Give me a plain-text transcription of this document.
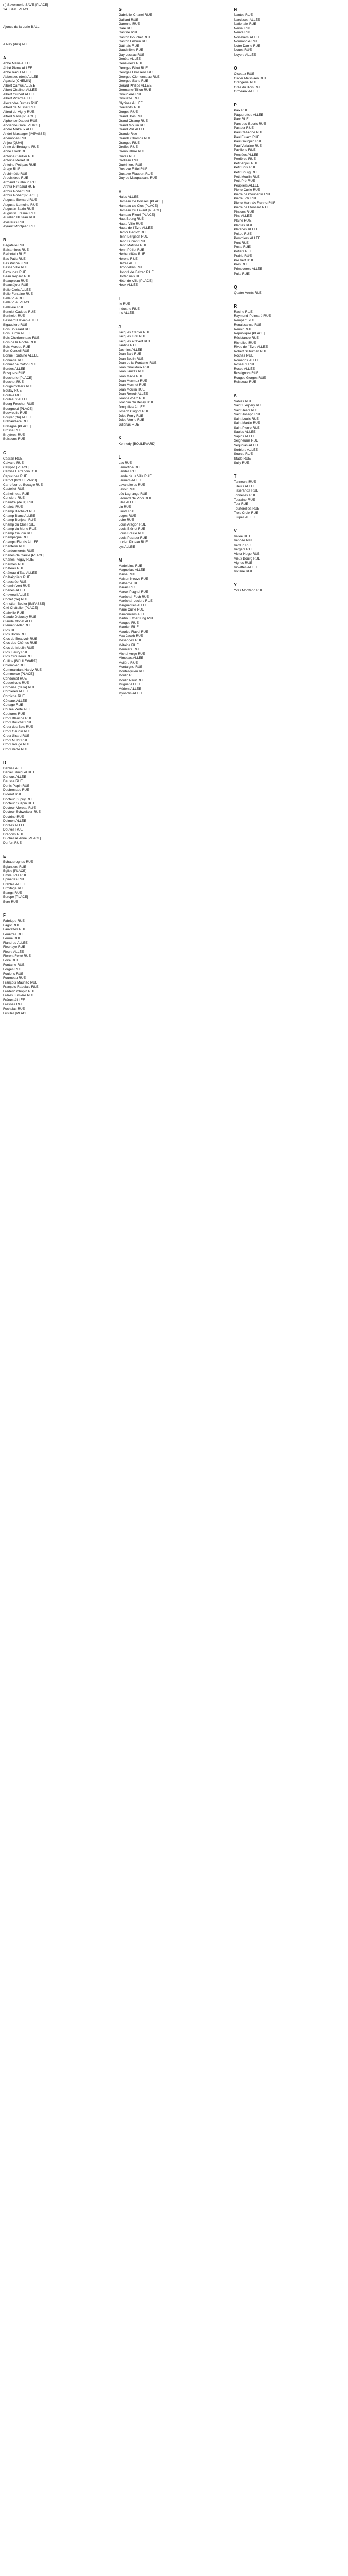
( ) Savonnerie SAVE [PLACE]
14 Juillet [PLACE]
Ajoncs de la Lorie BALL
A Ney (des) ALLE
A
Abbé Marie ALLÉE
Abbé Pierre ALLÉE
Abbé Raoul ALLÉE
Abbesses (des) ALLÉE
Agassiz [CHEMIN]
Albert Camus ALLÉE
Albert Chalinot ALLÉE
Albert Guibert ALLÉE
Albert Picard ALLÉE
Alexandre Dumas RUE
Alfred de Musset RUE
Alfred de Vigny RUE
Alfred Marie [PLACE]
Alphonse Daudet RUE
Ancienne Gare [PLACE]
André Malraux ALLÉE
André Massager [IMPASSE]
Anémones RUE
Anjou [QUAI]
Anne de Bretagne RUE
Anne Frank RUE
Antoine Gaullier RUE
Antoine Perret RUE
Antoine Petitpas RUE
Arago RUE
Archimède RUE
Ardoisières RUE
Armand Guilbaud RUE
Arthur Rimbaud RUE
Arthur Robert RUE
Arthur Robert [PLACE]
Auguste Bernard RUE
Auguste Lemoine RUE
Augustin Bazin RUE
Augustin Fresnel RUE
Aurélien Bluteau RUE
Aviateurs RUE
Ayrault Montjean RUE
B
Bagatelle RUE
Balsamines RUE
Barbotain RUE
Bas Patis RUE
Bas Puchau RUE
Basse Ville RUE
Bazouges RUE
Beau Regard RUE
Beaupréau RUE
Beauséjour RUE
Belle Croix ALLÉE
Belle Fontaine RUE
Belle Vue RUE
Belle Vue [PLACE]
Bellevue RUE
Benoist Cadeau RUE
Berthelot RUE
Besnard Flavien ALLÉE
Bigaudière RUE
Bois Boissard RUE
Bois Buron ALLÉE
Bois Cherbonneau RUE
Bois de la Roche RUE
Bois Moreau RUE
Bon Conseil RUE
Bonne Fontaine ALLÉE
Bonnerie RUE
Bonnet de Coton RUE
Bordes ALLÉE
Bosquets RUE
Boucherie [PLACE]
Bouchet RUE
Bougainvilliers RUE
Boulay RUE
Boulaie RUE
Bouleaux ALLÉE
Bourg Foucher RUE
Bourgneuf [PLACE]
Bouvreuils RUE
Bouyer (du) ALLÉE
Bréhaudière RUE
Bretagne [PLACE]
Brosse RUE
Bruyères RUE
Buissons RUE
C
Cadran RUE
Calvaire RUE
Calypso [PLACE]
Camille Ferrandin RUE
Capucines RUE
Carnot [BOULEVARD]
Carrefour du Bocage RUE
Castellet RUE
Cathelineau RUE
Cerisiers RUE
Chaintre (de la) RUE
Chalets RUE
Champ Bachelot RUE
Champ Blanc ALLÉE
Champ Bonjean RUE
Champ du Clos RUE
Champ du Merle RUE
Champ Gaudin RUE
Champagne RUE
Champs Fleuris ALLÉE
Chanterie RUE
Chardonnerets RUE
Charles de Gaulle [PLACE]
Charles Péguy RUE
Charmes RUE
Château RUE
Château d'Eau ALLÉE
Châtaigniers RUE
Chaussée RUE
Chemin Vert RUE
Chênes ALLÉE
Chevreuil ALLÉE
Cholet (de) RUE
Christian Bédier [IMPASSE]
Cité Châtelier [PLACE]
Clairville RUE
Claude Debussy RUE
Claude Monet ALLÉE
Clément Ader RUE
Clos RUE
Clos Bodin RUE
Clos de Beauvoir RUE
Clos des Chênes RUE
Clos du Moulin RUE
Clos Fleury RUE
Clos Grouseau RUE
Colline [BOULEVARD]
Colombier RUE
Commandant Hardy RUE
Commerce [PLACE]
Condorcet RUE
Coquelicots RUE
Corbeille (de la) RUE
Corbières ALLÉE
Corniche RUE
Côteaux ALLÉE
Cottage RUE
Coulée Verte ALLÉE
Coutures RUE
Croix Blanche RUE
Croix Bouchet RUE
Croix des Bois RUE
Croix Gaudin RUE
Croix Girard RUE
Croix Mulot RUE
Croix Rouge RUE
Croix Verte RUE
D
Dahlias ALLÉE
Daniel Béniguel RUE
Darioux ALLÉE
Dausse RUE
Denis Papin RUE
Desbrosses RUE
Diderot RUE
Docteur Dupuy RUE
Docteur Guépin RUE
Docteur Moreau RUE
Docteur Schweitzer RUE
Doctrine RUE
Dolmen ALLÉE
Dorées ALLÉE
Douves RUE
Dragons RUE
Duchesse Anne [PLACE]
Durfort RUE
E
Echaubrognes RUE
Eglantiers RUE
Eglise [PLACE]
Emile Zola RUE
Epinettes RUE
Erables ALLÉE
Ermitage RUE
Etangs RUE
Europe [PLACE]
Evre RUE
F
Fabrique RUE
Fagot RUE
Fauvettes RUE
Fenêtres RUE
Ferme RUE
Flandres ALLÉE
Fleuriaye RUE
Fleurs ALLÉE
Florent Ferré RUE
Foire RUE
Fontaine RUE
Forges RUE
Foulons RUE
Fourneau RUE
François Mauriac RUE
François Rabelais RUE
Frédéric Chopin RUE
Frères Lumière RUE
Frênes ALLÉE
Fresnes RUE
Fuchsias RUE
Fusillés [PLACE]
G
Gabrielle Chanel RUE
Gaillard RUE
Garenne RUE
Gare RUE
Gastine RUE
Gaston Bouchet RUE
Gaston Lebrun RUE
Gâtinais RUE
Gaudinière RUE
Gay Lussac RUE
Genêts ALLÉE
Genévriers RUE
Georges Bizet RUE
Georges Brassens RUE
Georges Clemenceau RUE
Georges Sand RUE
Gérard Philipe ALLÉE
Germaine Tillion RUE
Giraudière RUE
Girouette RUE
Glycines ALLÉE
Goëlands RUE
Gorges RUE
Grand Bois RUE
Grand Champ RUE
Grand Moulin RUE
Grand Pré ALLÉE
Grande Rue
Grands Champs RUE
Granges RUE
Greffes RUE
Grenouillère RUE
Grives RUE
Grolleau RUE
Guérinière RUE
Gustave Eiffel RUE
Gustave Flaubert RUE
Guy de Maupassant RUE
H
Haies ALLÉE
Hameau de Boissec [PLACE]
Hameau du Clos [PLACE]
Hameau du Levant [PLACE]
Hameau Fleuri [PLACE]
Haut Bourg RUE
Haute Ville RUE
Hauts de l'Evre ALLÉE
Hector Berlioz RUE
Henri Bergson RUE
Henri Dunant RUE
Henri Matisse RUE
Henri Pétiet RUE
Herbaudière RUE
Hérons RUE
Hêtres ALLÉE
Hirondelles RUE
Honoré de Balzac RUE
Hortensias RUE
Hôtel de Ville [PLACE]
Houx ALLÉE
I
Ile RUE
Industrie RUE
Iris ALLÉE
J
Jacques Cartier RUE
Jacques Brel RUE
Jacques Prévert RUE
Jardins RUE
Jasmins ALLÉE
Jean Bart RUE
Jean Bouin RUE
Jean de la Fontaine RUE
Jean Giraudoux RUE
Jean Jaurès RUE
Jean Macé RUE
Jean Mermoz RUE
Jean Monnet RUE
Jean Moulin RUE
Jean Renoir ALLÉE
Jeanne d'Arc RUE
Joachim du Bellay RUE
Jonquilles ALLÉE
Joseph Cugnot RUE
Jules Ferry RUE
Jules Verne RUE
Juliénas RUE
K
Kennedy [BOULEVARD]
L
Lac RUE
Lamartine RUE
Landes RUE
Lande de la Ville RUE
Lauriers ALLÉE
Lavandières RUE
Lavoir RUE
Léo Lagrange RUE
Léonard de Vinci RUE
Lilas ALLÉE
Lin RUE
Linots RUE
Loges RUE
Loire RUE
Louis Aragon RUE
Louis Blériot RUE
Louis Braille RUE
Louis Pasteur RUE
Lucien Pineau RUE
Lys ALLÉE
M
Madeleine RUE
Magnolias ALLÉE
Maine RUE
Maison Neuve RUE
Malherbe RUE
Marais RUE
Marcel Pagnol RUE
Maréchal Foch RUE
Maréchal Leclerc RUE
Marguerites ALLÉE
Marie Curie RUE
Marronniers ALLÉE
Martin Luther King RUE
Mauges RUE
Mauriac RUE
Maurice Ravel RUE
Max Jacob RUE
Mésanges RUE
Métairie RUE
Meuniers RUE
Michel Ange RUE
Mimosas ALLÉE
Molière RUE
Montaigne RUE
Montesquieu RUE
Moulin RUE
Moulin Neuf RUE
Muguet ALLÉE
Mûriers ALLÉE
Myosotis ALLÉE
N
Nantes RUE
Narcisses ALLÉE
Nationale RUE
Nerval RUE
Neuve RUE
Noisetiers ALLÉE
Normandie RUE
Notre Dame RUE
Noues RUE
Noyers ALLÉE
O
Oiseaux RUE
Olivier Messiaen RUE
Orangerie RUE
Orée du Bois RUE
Ormeaux ALLÉE
P
Paix RUE
Pâquerettes ALLÉE
Parc RUE
Parc des Sports RUE
Pasteur RUE
Paul Cézanne RUE
Paul Eluard RUE
Paul Gauguin RUE
Paul Verlaine RUE
Pavillons RUE
Pensées ALLÉE
Perrières RUE
Petit Anjou RUE
Petit Bois RUE
Petit Bourg RUE
Petit Moulin RUE
Petit Pré RUE
Peupliers ALLÉE
Pierre Curie RUE
Pierre de Coubertin RUE
Pierre Loti RUE
Pierre Mendès France RUE
Pierre de Ronsard RUE
Pinsons RUE
Pins ALLÉE
Plaine RUE
Plantes RUE
Platanes ALLÉE
Poitou RUE
Pommiers ALLÉE
Pont RUE
Poste RUE
Potiers RUE
Prairie RUE
Pré Vert RUE
Prés RUE
Primevères ALLÉE
Puits RUE
Q
Quatre Vents RUE
R
Racine RUE
Raymond Poincaré RUE
Rempart RUE
Renaissance RUE
Renoir RUE
République [PLACE]
Résistance RUE
Richelieu RUE
Rives de l'Evre ALLÉE
Robert Schuman RUE
Roches RUE
Romarins ALLÉE
Roseaux RUE
Roses ALLÉE
Rossignols RUE
Rouges Gorges RUE
Ruisseau RUE
S
Sables RUE
Saint Exupéry RUE
Saint Jean RUE
Saint Joseph RUE
Saint Louis RUE
Saint Martin RUE
Saint Pierre RUE
Saules ALLÉE
Sapins ALLÉE
Seigneurie RUE
Séquoias ALLÉE
Sorbiers ALLÉE
Source RUE
Stade RUE
Sully RUE
T
Tanneurs RUE
Tilleuls ALLÉE
Tisserands RUE
Tonnelles RUE
Touraine RUE
Tour RUE
Tourterelles RUE
Trois Croix RUE
Tulipes ALLÉE
V
Vallée RUE
Vendée RUE
Verdun RUE
Vergers RUE
Victor Hugo RUE
Vieux Bourg RUE
Vignes RUE
Violettes ALLÉE
Voltaire RUE
Y
Yves Montand RUE
